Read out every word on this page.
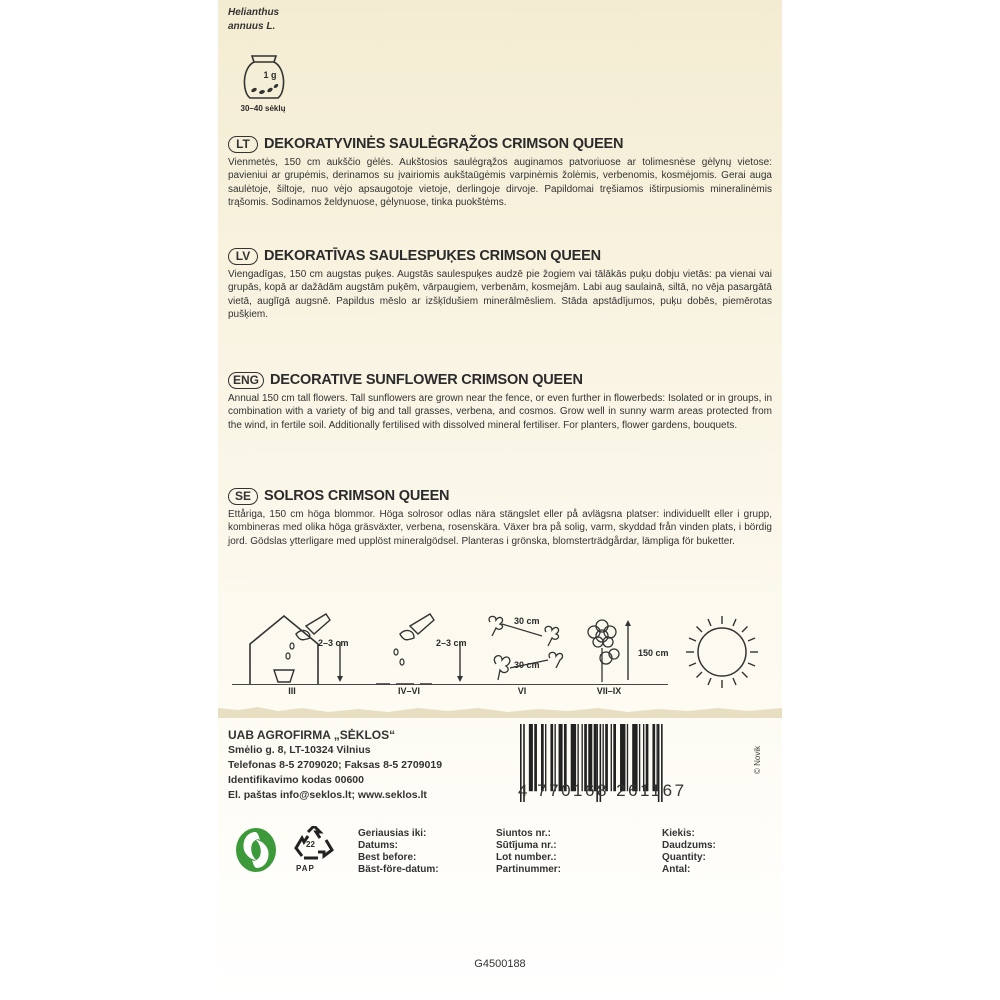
Helianthus
annuus L.
1 g
30–40 sėklų
LT DEKORATYVINĖS SAULĖGRĄŽOS CRIMSON QUEEN
Vienmetės, 150 cm aukščio gėlės. Aukštosios saulėgrąžos auginamos patvoriuose ar tolimesnėse gėlynų vietose: pavieniui ar grupėmis, derinamos su įvairiomis aukštaūgėmis varpinėmis žolėmis, verbenomis, kosmėjomis. Gerai auga saulėtoje, šiltoje, nuo vėjo apsaugotoje vietoje, derlingoje dirvoje. Papildomai tręšiamos ištirpusiomis mineralinėmis trąšomis. Sodinamos želdynuose, gėlynuose, tinka puokštėms.
LV DEKORATĪVAS SAULESPUĶES CRIMSON QUEEN
Viengadīgas, 150 cm augstas puķes. Augstās saulespuķes audzē pie žogiem vai tālākās puķu dobju vietās: pa vienai vai grupās, kopā ar dažādām augstām puķēm, vārpaugiem, verbenām, kosmejām. Labi aug saulainā, siltā, no vēja pasargātā vietā, auglīgā augsnē. Papildus mēslo ar izšķīdušiem minerālmēsliem. Stāda apstādījumos, puķu dobēs, piemērotas pušķiem.
ENG DECORATIVE SUNFLOWER CRIMSON QUEEN
Annual 150 cm tall flowers. Tall sunflowers are grown near the fence, or even further in flowerbeds: Isolated or in groups, in combination with a variety of big and tall grasses, verbena, and cosmos. Grow well in sunny warm areas protected from the wind, in fertile soil. Additionally fertilised with dissolved mineral fertiliser. For planters, flower gardens, bouquets.
SE SOLROS CRIMSON QUEEN
Ettåriga, 150 cm höga blommor. Höga solrosor odlas nära stängslet eller på avlägsna platser: individuellt eller i grupp, kombineras med olika höga gräsväxter, verbena, rosenskära. Växer bra på solig, varm, skyddad från vinden plats, i bördig jord. Gödslas ytterligare med upplöst mineralgödsel. Planteras i grönska, blomsterträdgårdar, lämpliga för buketter.
2–3 cm
III
2–3 cm
IV–VI
30 cm
30 cm
VI
150 cm
VII–IX
UAB AGROFIRMA „SĖKLOS“
Smėlio g. 8, LT-10324 Vilnius
Telefonas 8-5 2709020; Faksas 8-5 2709019
Identifikavimo kodas 00600
El. paštas info@seklos.lt; www.seklos.lt	4 770168 261167
© Novik
22
PAP
Geriausias iki:
Datums:
Best before:
Bäst-före-datum:
Siuntos nr.:
Sūtījuma nr.:
Lot number.:
Partinummer:
Kiekis:
Daudzums:
Quantity:
Antal:
G4500188
